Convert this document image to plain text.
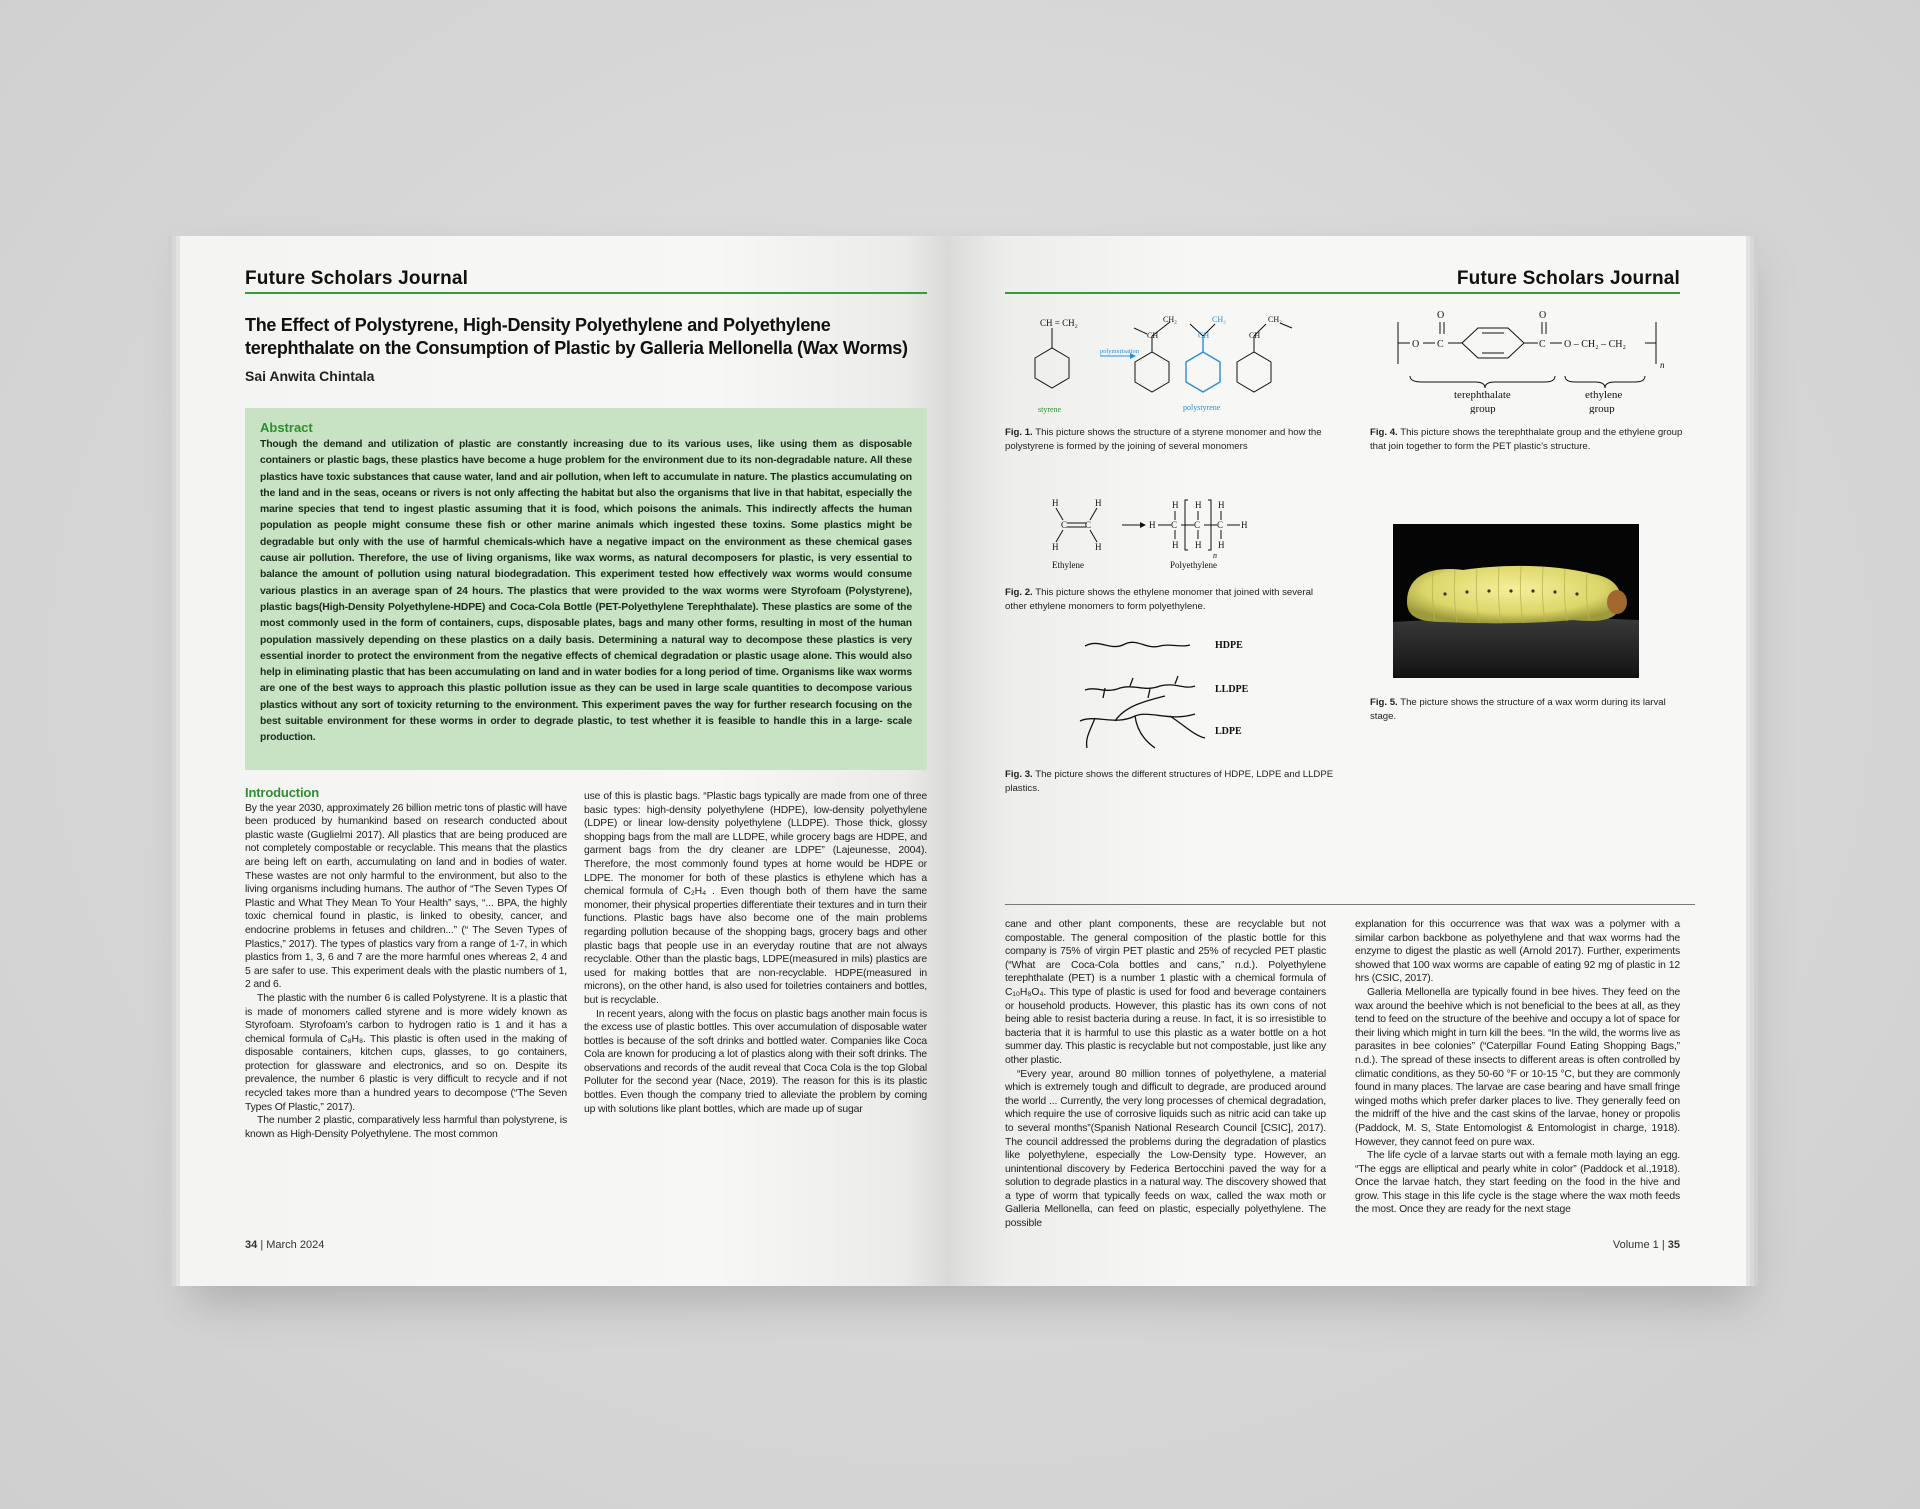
Future Scholars Journal
The Effect of Polystyrene, High-Density Polyethylene and Polyethylene terephthalate on the Consumption of Plastic by Galleria Mellonella (Wax Worms)
Sai Anwita Chintala
Abstract
Though the demand and utilization of plastic are constantly increasing due to its various uses, like using them as disposable containers or plastic bags, these plastics have become a huge problem for the environment due to its non-degradable nature. All these plastics have toxic substances that cause water, land and air pollution, when left to accumulate in nature. The plastics accumulating on the land and in the seas, oceans or rivers is not only affecting the habitat but also the organisms that live in that habitat, especially the marine species that tend to ingest plastic assuming that it is food, which poisons the animals. This indirectly affects the human population as people might consume these fish or other marine animals which ingested these toxins. Some plastics might be degradable but only with the use of harmful chemicals-which have a negative impact on the environment as these chemical gases cause air pollution. Therefore, the use of living organisms, like wax worms, as natural decomposers for plastic, is very essential to balance the amount of pollution using natural biodegradation. This experiment tested how effectively wax worms would consume various plastics in an average span of 24 hours. The plastics that were provided to the wax worms were Styrofoam (Polystyrene), plastic bags(High-Density Polyethylene-HDPE) and Coca-Cola Bottle (PET-Polyethylene Terephthalate). These plastics are some of the most commonly used in the form of containers, cups, disposable plates, bags and many other forms, resulting in most of the human population massively depending on these plastics on a daily basis. Determining a natural way to decompose these plastics is very essential inorder to protect the environment from the negative effects of chemical degradation or plastic usage alone. This would also help in eliminating plastic that has been accumulating on land and in water bodies for a long period of time. Organisms like wax worms are one of the best ways to approach this plastic pollution issue as they can be used in large scale quantities to decompose various plastics without any sort of toxicity returning to the environment. This experiment paves the way for further research focusing on the best suitable environment for these worms in order to degrade plastic, to test whether it is feasible to handle this in a large- scale production.
Introduction

By the year 2030, approximately 26 billion metric tons of plastic will have been produced by humankind based on research conducted about plastic waste (Guglielmi 2017). All plastics that are being produced are not completely compostable or recyclable. This means that the plastics are being left on earth, accumulating on land and in bodies of water. These wastes are not only harmful to the environment, but also to the living organisms including humans. The author of “The Seven Types Of Plastic and What They Mean To Your Health” says, “... BPA, the highly toxic chemical found in plastic, is linked to obesity, cancer, and endocrine problems in fetuses and children...” (“ The Seven Types of Plastics,” 2017). The types of plastics vary from a range of 1-7, in which plastics from 1, 3, 6 and 7 are the more harmful ones whereas 2, 4 and 5 are safer to use. This experiment deals with the plastic numbers of 1, 2 and 6.

The plastic with the number 6 is called Polystyrene. It is a plastic that is made of monomers called styrene and is more widely known as Styrofoam. Styrofoam’s carbon to hydrogen ratio is 1 and it has a chemical formula of C₈H₈. This plastic is often used in the making of disposable containers, kitchen cups, glasses, to go containers, protection for glassware and electronics, and so on. Despite its prevalence, the number 6 plastic is very difficult to recycle and if not recycled takes more than a hundred years to decompose (“The Seven Types Of Plastic,” 2017).

The number 2 plastic, comparatively less harmful than polystyrene, is known as High-Density Polyethylene. The most common

use of this is plastic bags. “Plastic bags typically are made from one of three basic types: high-density polyethylene (HDPE), low-density polyethylene (LDPE) or linear low-density polyethylene (LLDPE). Those thick, glossy shopping bags from the mall are LLDPE, while grocery bags are HDPE, and garment bags from the dry cleaner are LDPE” (Lajeunesse, 2004). Therefore, the most commonly found types at home would be HDPE or LDPE. The monomer for both of these plastics is ethylene which has a chemical formula of C₂H₄ . Even though both of them have the same monomer, their physical properties differentiate their textures and in turn their functions. Plastic bags have also become one of the main problems regarding pollution because of the shopping bags, grocery bags and other plastic bags that people use in an everyday routine that are not always recyclable. Other than the plastic bags, LDPE(measured in mils) plastics are used for making bottles that are non-recyclable. HDPE(measured in microns), on the other hand, is also used for toiletries containers and bottles, but is recyclable.

In recent years, along with the focus on plastic bags another main focus is the excess use of plastic bottles. This over accumulation of disposable water bottles is because of the soft drinks and bottled water. Companies like Coca Cola are known for producing a lot of plastics along with their soft drinks. The observations and records of the audit reveal that Coca Cola is the top Global Polluter for the second year (Nace, 2019). The reason for this is its plastic bottles. Even though the company tried to alleviate the problem by coming up with solutions like plant bottles, which are made up of sugar

34 | March 2024
Future Scholars Journal
CH = CH₂
CH
CH₂
CH
CH₂
CH
CH₂
polymerisation
styrene	polystyrene
Fig. 1. This picture shows the structure of a styrene monomer and how the polystyrene is formed by the joining of several monomers
H
H
H
H
C C	H C C C H
H H H
H H H
n
Ethylene	Polyethylene
Fig. 2. This picture shows the ethylene monomer that joined with several other ethylene monomers to form polyethylene.
HDPE
LLDPE
LDPE
Fig. 3. The picture shows the different structures of HDPE, LDPE and LLDPE plastics.
O C
O
C
O
O – CH₂ – CH₂
n
terephthalate
group
ethylene
group
Fig. 4. This picture shows the terephthalate group and the ethylene group that join together to form the PET plastic’s structure.
Fig. 5. The picture shows the structure of a wax worm during its larval stage.

cane and other plant components, these are recyclable but not compostable. The general composition of the plastic bottle for this company is 75% of virgin PET plastic and 25% of recycled PET plastic (“What are Coca-Cola bottles and cans,” n.d.). Polyethylene terephthalate (PET) is a number 1 plastic with a chemical formula of C₁₀H₈O₄. This type of plastic is used for food and beverage containers or household products. However, this plastic has its own cons of not being able to resist bacteria during a reuse. In fact, it is so irresistible to bacteria that it is harmful to use this plastic as a water bottle on a hot summer day. This plastic is recyclable but not compostable, just like any other plastic.

“Every year, around 80 million tonnes of polyethylene, a material which is extremely tough and difficult to degrade, are produced around the world ... Currently, the very long processes of chemical degradation, which require the use of corrosive liquids such as nitric acid can take up to several months”(Spanish National Research Council [CSIC], 2017). The council addressed the problems during the degradation of plastics like polyethylene, especially the Low-Density type. However, an unintentional discovery by Federica Bertocchini paved the way for a solution to degrade plastics in a natural way. The discovery showed that a type of worm that typically feeds on wax, called the wax moth or Galleria Mellonella, can feed on plastic, especially polyethylene. The possible

explanation for this occurrence was that wax was a polymer with a similar carbon backbone as polyethylene and that wax worms had the enzyme to digest the plastic as well (Arnold 2017). Further, experiments showed that 100 wax worms are capable of eating 92 mg of plastic in 12 hrs (CSIC, 2017).

Galleria Mellonella are typically found in bee hives. They feed on the wax around the beehive which is not beneficial to the bees at all, as they tend to feed on the structure of the beehive and occupy a lot of space for their living which might in turn kill the bees. “In the wild, the worms live as parasites in bee colonies” (“Caterpillar Found Eating Shopping Bags,” n.d.). The spread of these insects to different areas is often controlled by climatic conditions, as they 50-60 °F or 10-15 °C, but they are commonly found in many places. The larvae are case bearing and have small fringe winged moths which prefer darker places to live. They generally feed on the midriff of the hive and the cast skins of the larvae, honey or propolis (Paddock, M. S, State Entomologist & Entomologist in charge, 1918). However, they cannot feed on pure wax.

The life cycle of a larvae starts out with a female moth laying an egg. “The eggs are elliptical and pearly white in color” (Paddock et al.,1918). Once the larvae hatch, they start feeding on the food in the hive and grow. This stage in this life cycle is the stage where the wax moth feeds the most. Once they are ready for the next stage

Volume 1 | 35
